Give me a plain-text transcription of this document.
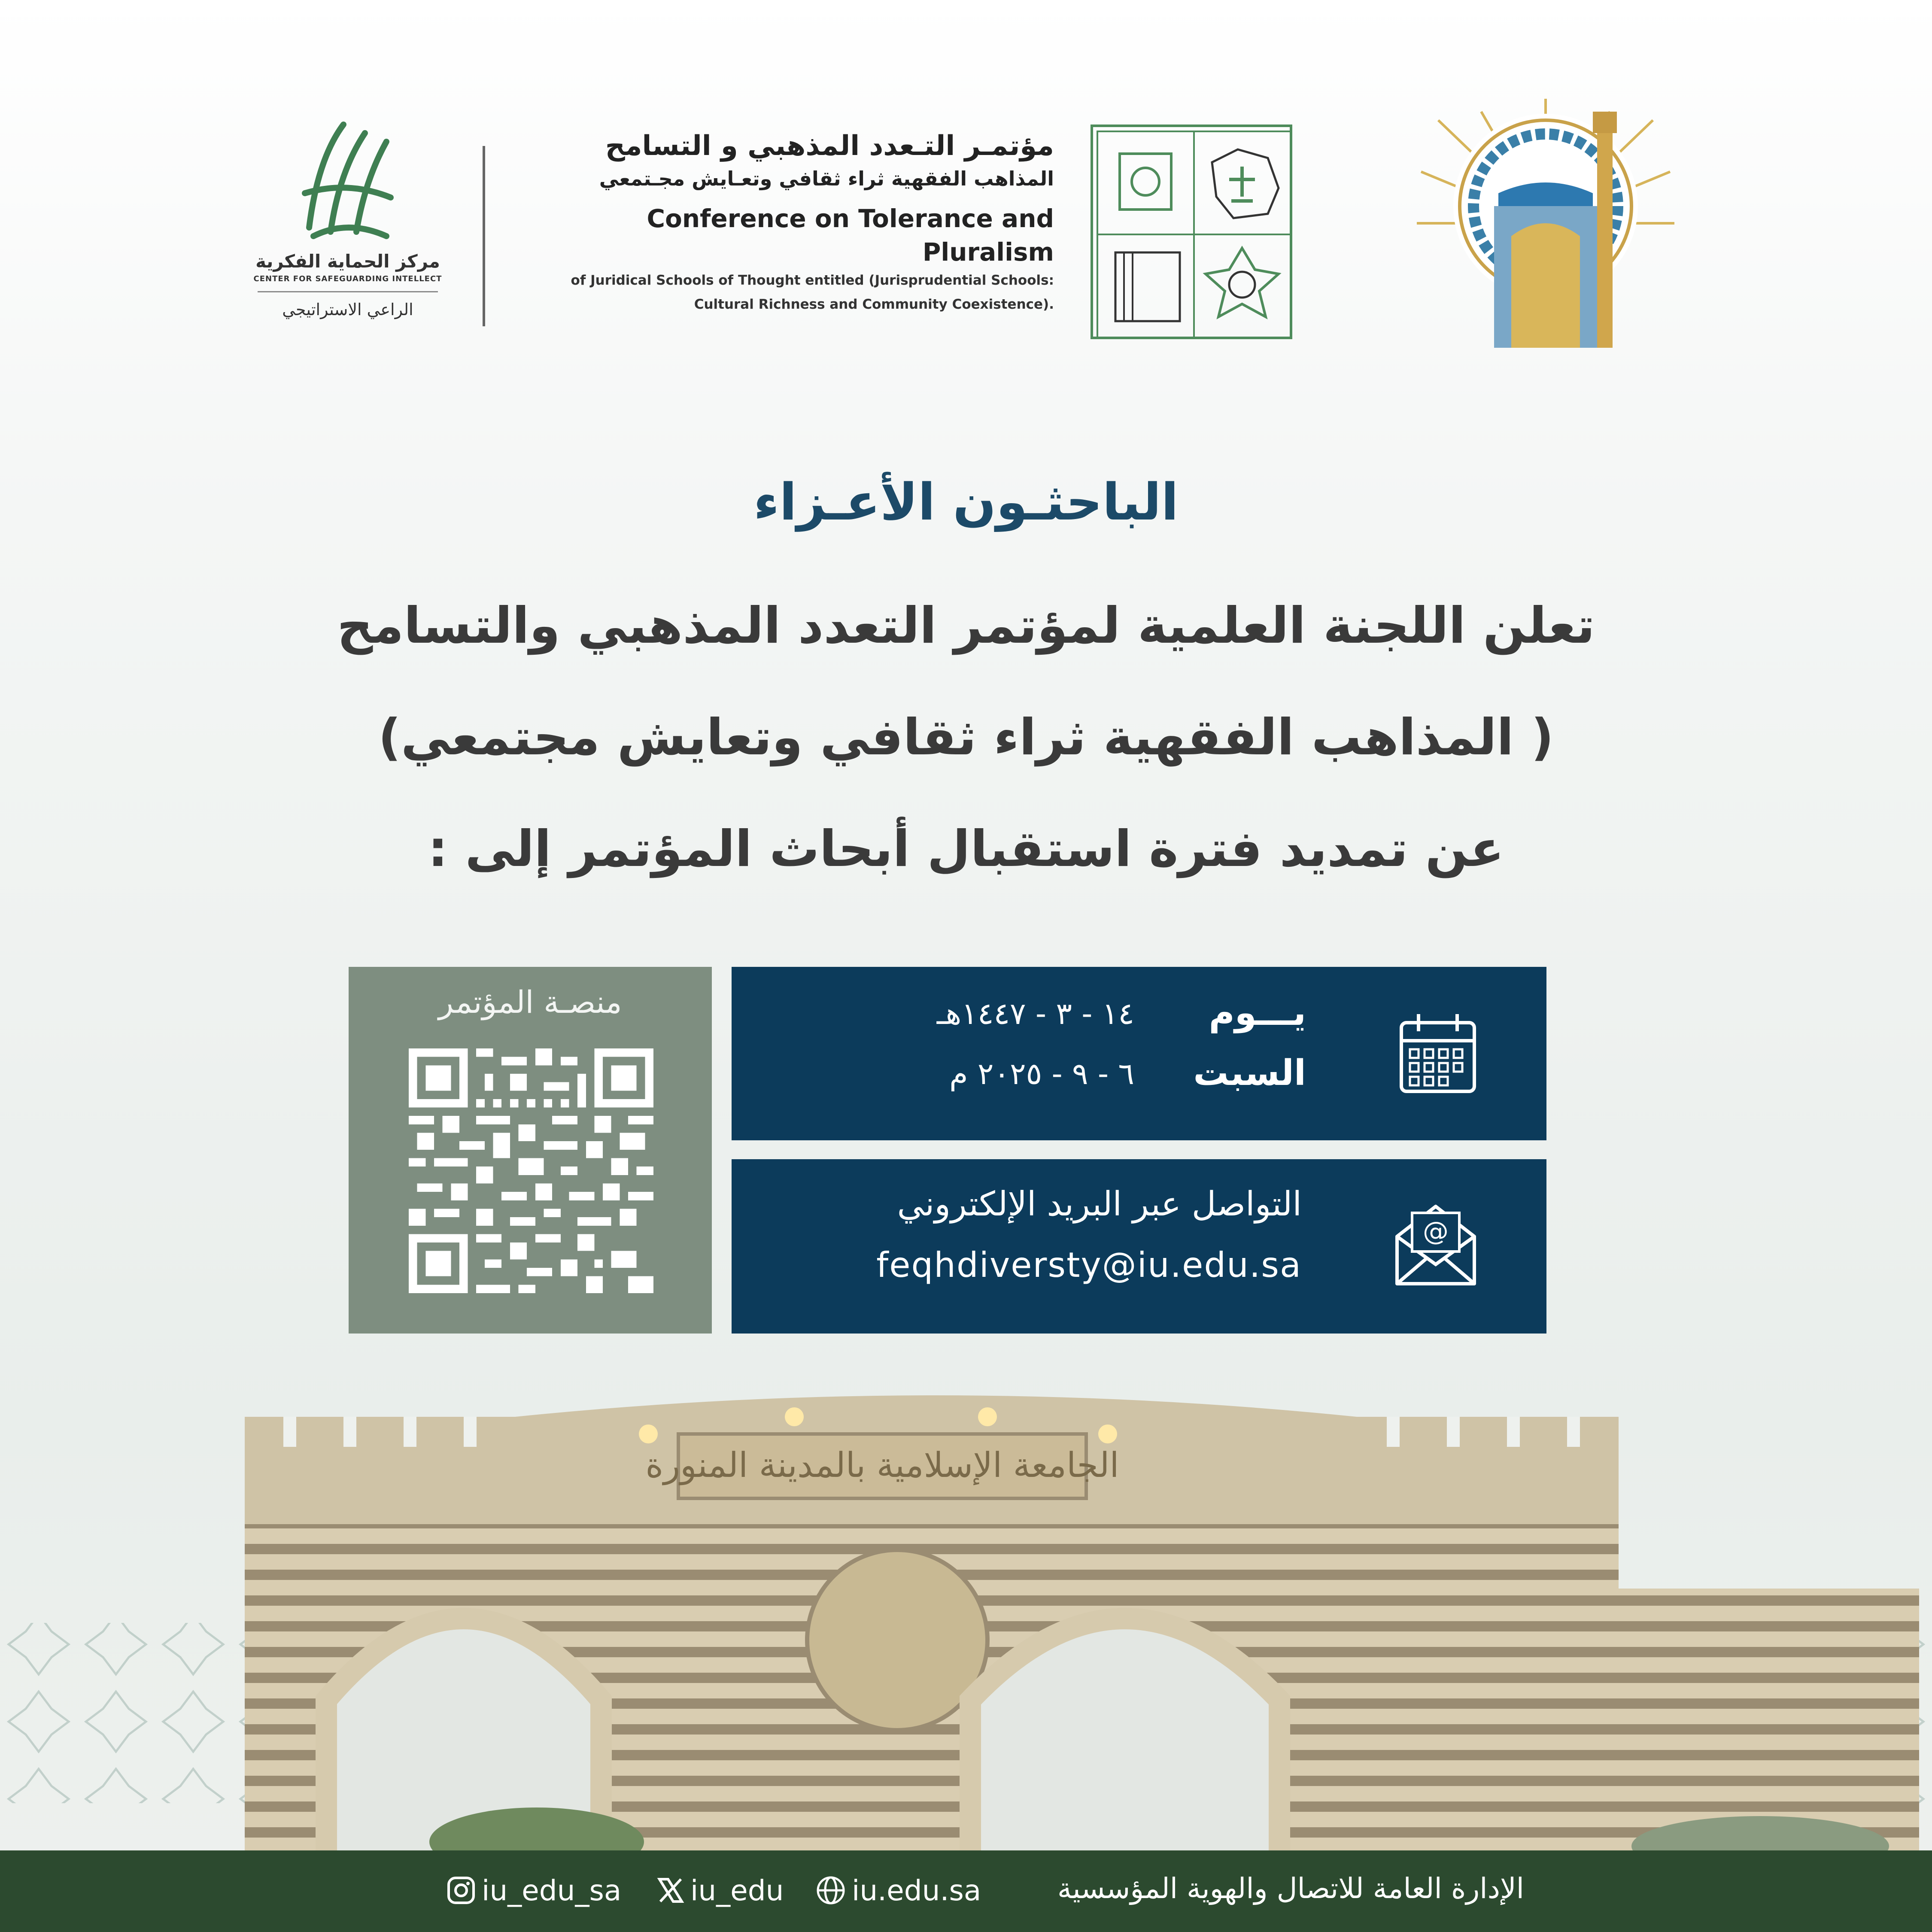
مؤتمـر التـعدد المذهبي و التسامح
المذاهب الفقهية ثراء ثقافي وتعـايش مجـتمعي
Conference on Tolerance and Pluralism
of Juridical Schools of Thought entitled (Jurisprudential Schools:
Cultural Richness and Community Coexistence).
مركز الحماية الفكرية
CENTER FOR SAFEGUARDING INTELLECT
الراعي الاستراتيجي
الباحثـون الأعـزاء
تعلن اللجنة العلمية لمؤتمر التعدد المذهبي والتسامح
( المذاهب الفقهية ثراء ثقافي وتعايش مجتمعي)
عن تمديد فترة استقبال أبحاث المؤتمر إلى :
منصـة المؤتمر	يـــوم
السبت
١٤ - ٣ - ١٤٤٧هـ
٦ - ٩ - ٢٠٢٥ م
@
التواصل عبر البريد الإلكتروني
feqhdiversty@iu.edu.sa
الجامعة الإسلامية بالمدينة المنورة
الإدارة العامة للاتصال والهوية المؤسسية
iu.edu.sa
iu_edu
iu_edu_sa
